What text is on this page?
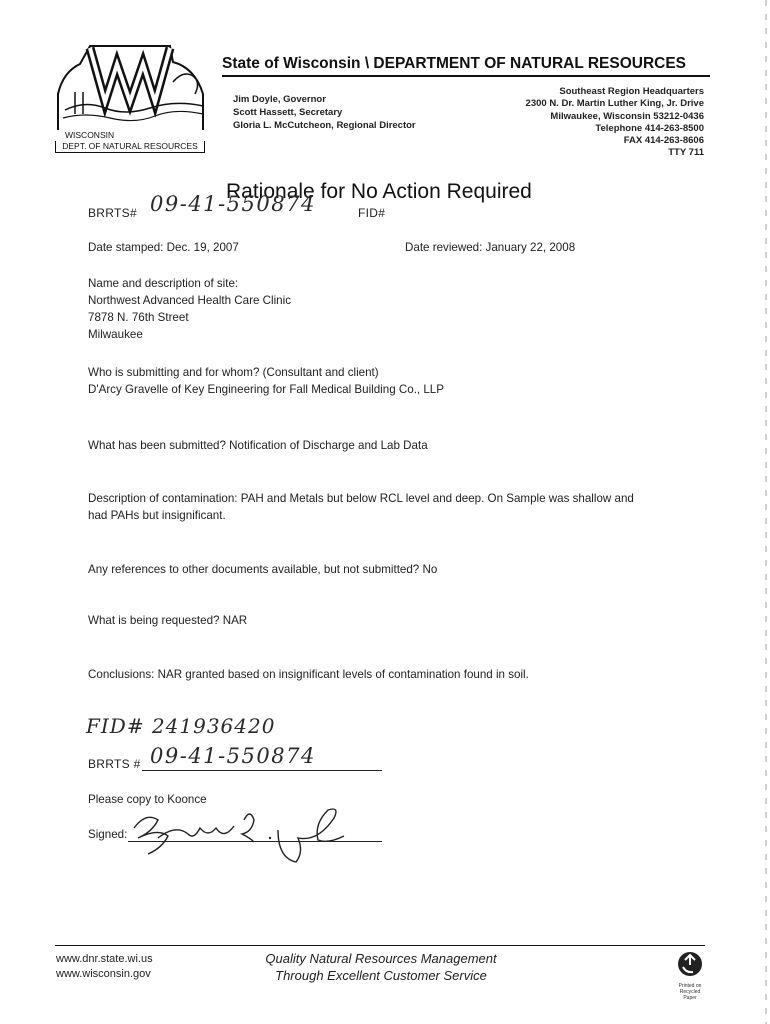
WISCONSIN
DEPT. OF NATURAL RESOURCES
State of Wisconsin \ DEPARTMENT OF NATURAL RESOURCES
Jim Doyle, Governor
Scott Hassett, Secretary
Gloria L. McCutcheon, Regional Director
Southeast Region Headquarters
2300 N. Dr. Martin Luther King, Jr. Drive
Milwaukee, Wisconsin 53212-0436
Telephone 414-263-8500
FAX 414-263-8606
TTY 711
Rationale for No Action Required
BRRTS# 09-41-550874	FID#
Date stamped: Dec. 19, 2007	Date reviewed: January 22, 2008
Name and description of site:
Northwest Advanced Health Care Clinic
7878 N. 76th Street
Milwaukee
Who is submitting and for whom? (Consultant and client)
D'Arcy Gravelle of Key Engineering for Fall Medical Building Co., LLP
What has been submitted? Notification of Discharge and Lab Data
Description of contamination: PAH and Metals but below RCL level and deep. On Sample was shallow and
had PAHs but insignificant.
Any references to other documents available, but not submitted? No
What is being requested? NAR
Conclusions: NAR granted based on insignificant levels of contamination found in soil.
FID# 241936420
BRRTS # 09-41-550874
Please copy to Koonce
Signed:
www.dnr.state.wi.us
www.wisconsin.gov
Quality Natural Resources Management
Through Excellent Customer Service
Printed on
Recycled
Paper
